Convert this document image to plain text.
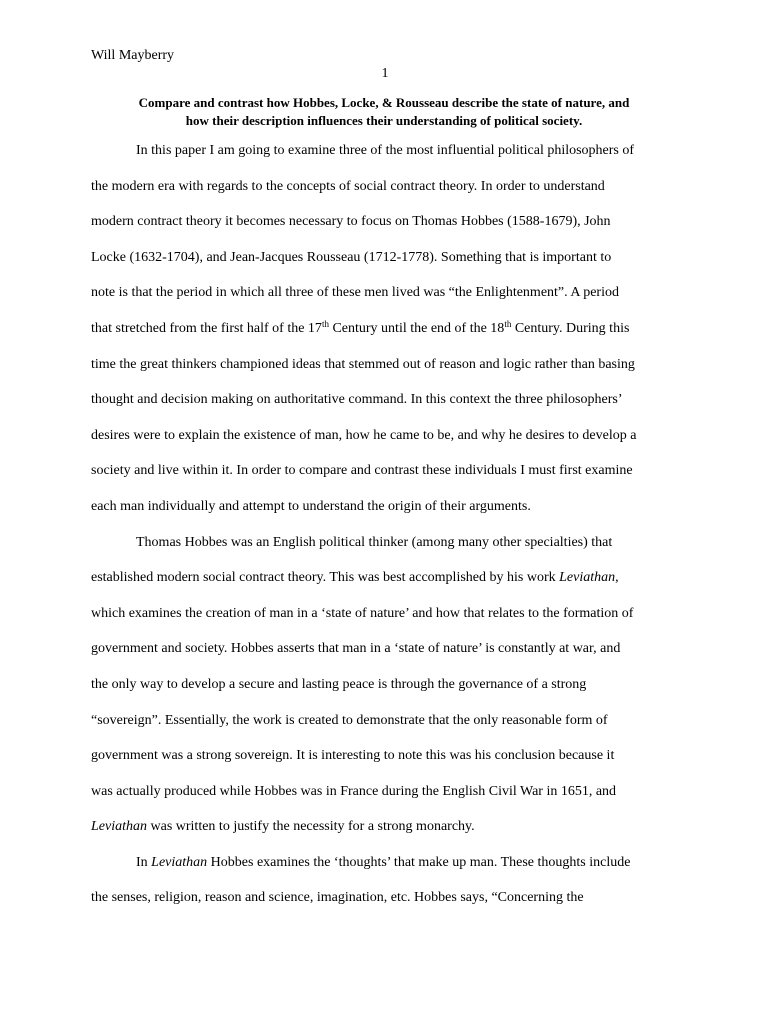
Will Mayberry
1
Compare and contrast how Hobbes, Locke, & Rousseau describe the state of nature, and
how their description influences their understanding of political society.
In this paper I am going to examine three of the most influential political philosophers of
the modern era with regards to the concepts of social contract theory. In order to understand
modern contract theory it becomes necessary to focus on Thomas Hobbes (1588-1679), John
Locke (1632-1704), and Jean-Jacques Rousseau (1712-1778). Something that is important to
note is that the period in which all three of these men lived was “the Enlightenment”. A period
that stretched from the first half of the 17th Century until the end of the 18th Century. During this
time the great thinkers championed ideas that stemmed out of reason and logic rather than basing
thought and decision making on authoritative command. In this context the three philosophers’
desires were to explain the existence of man, how he came to be, and why he desires to develop a
society and live within it. In order to compare and contrast these individuals I must first examine
each man individually and attempt to understand the origin of their arguments.
Thomas Hobbes was an English political thinker (among many other specialties) that
established modern social contract theory. This was best accomplished by his work Leviathan,
which examines the creation of man in a ‘state of nature’ and how that relates to the formation of
government and society. Hobbes asserts that man in a ‘state of nature’ is constantly at war, and
the only way to develop a secure and lasting peace is through the governance of a strong
“sovereign”. Essentially, the work is created to demonstrate that the only reasonable form of
government was a strong sovereign. It is interesting to note this was his conclusion because it
was actually produced while Hobbes was in France during the English Civil War in 1651, and
Leviathan was written to justify the necessity for a strong monarchy.
In Leviathan Hobbes examines the ‘thoughts’ that make up man. These thoughts include
the senses, religion, reason and science, imagination, etc. Hobbes says, “Concerning the
